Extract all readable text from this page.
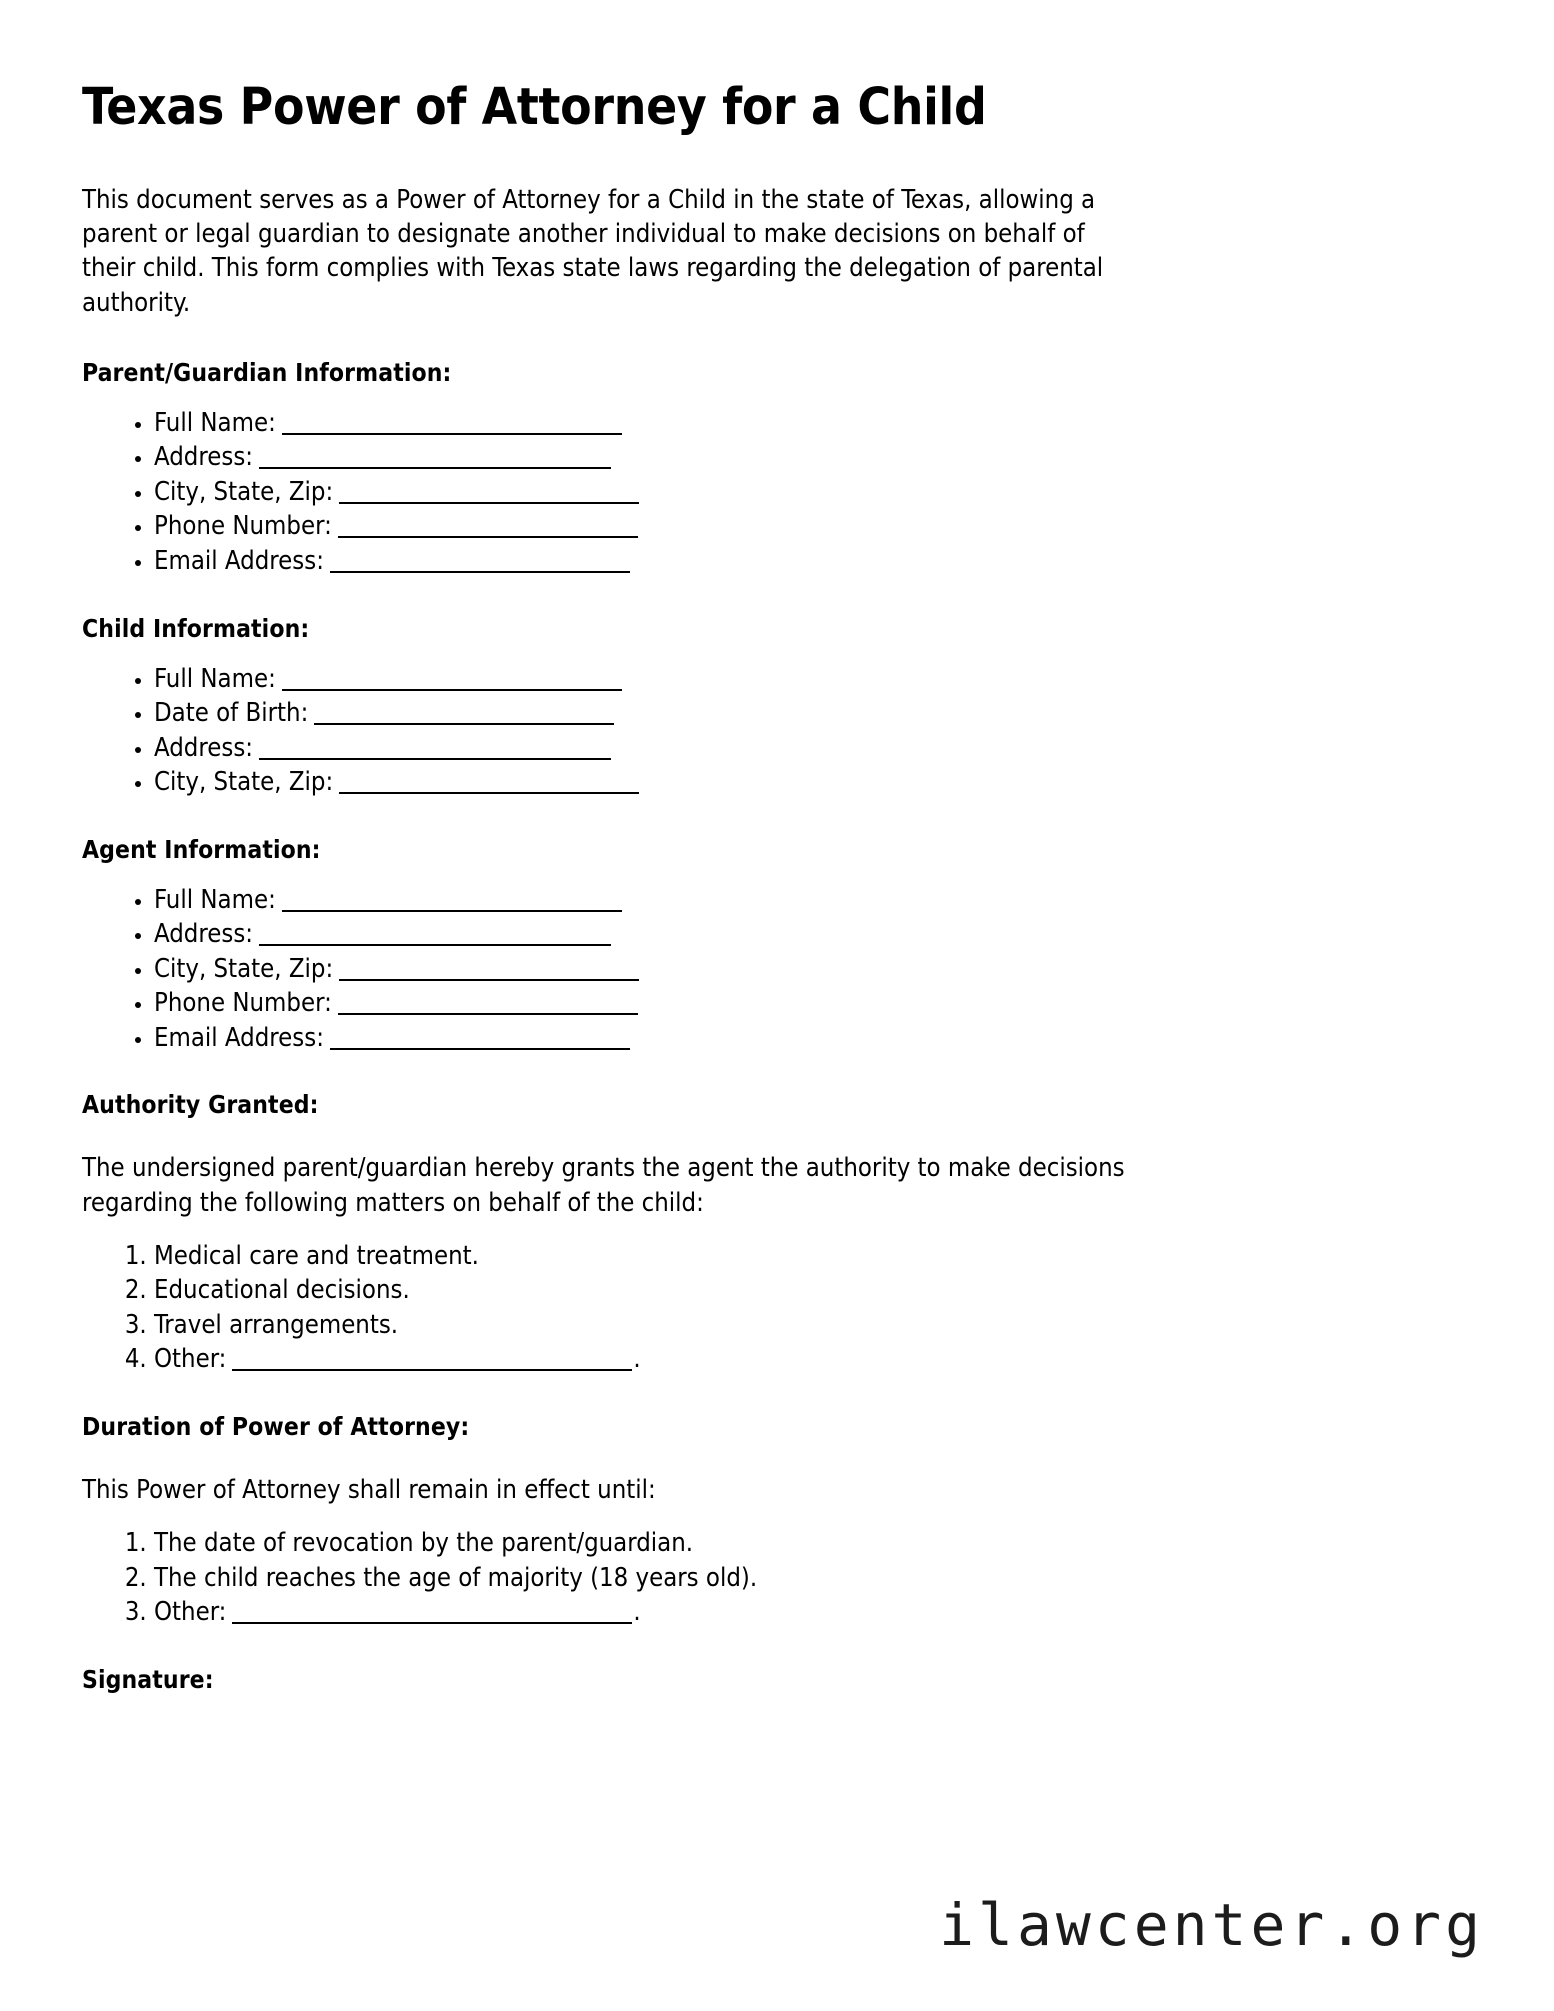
Texas Power of Attorney for a Child

This document serves as a Power of Attorney for a Child in the state of Texas, allowing a parent or legal guardian to designate another individual to make decisions on behalf of their child. This form complies with Texas state laws regarding the delegation of parental authority.

Parent/Guardian Information:
• Full Name:
• Address:
• City, State, Zip:
• Phone Number:
• Email Address:
Child Information:
• Full Name:
• Date of Birth:
• Address:
• City, State, Zip:
Agent Information:
• Full Name:
• Address:
• City, State, Zip:
• Phone Number:
• Email Address:
Authority Granted:

The undersigned parent/guardian hereby grants the agent the authority to make decisions regarding the following matters on behalf of the child:

1. Medical care and treatment.
2. Educational decisions.
3. Travel arrangements.
4. Other:	.
Duration of Power of Attorney:

This Power of Attorney shall remain in effect until:

1. The date of revocation by the parent/guardian.
2. The child reaches the age of majority (18 years old).
3. Other:	.
Signature:
ilawcenter.org
